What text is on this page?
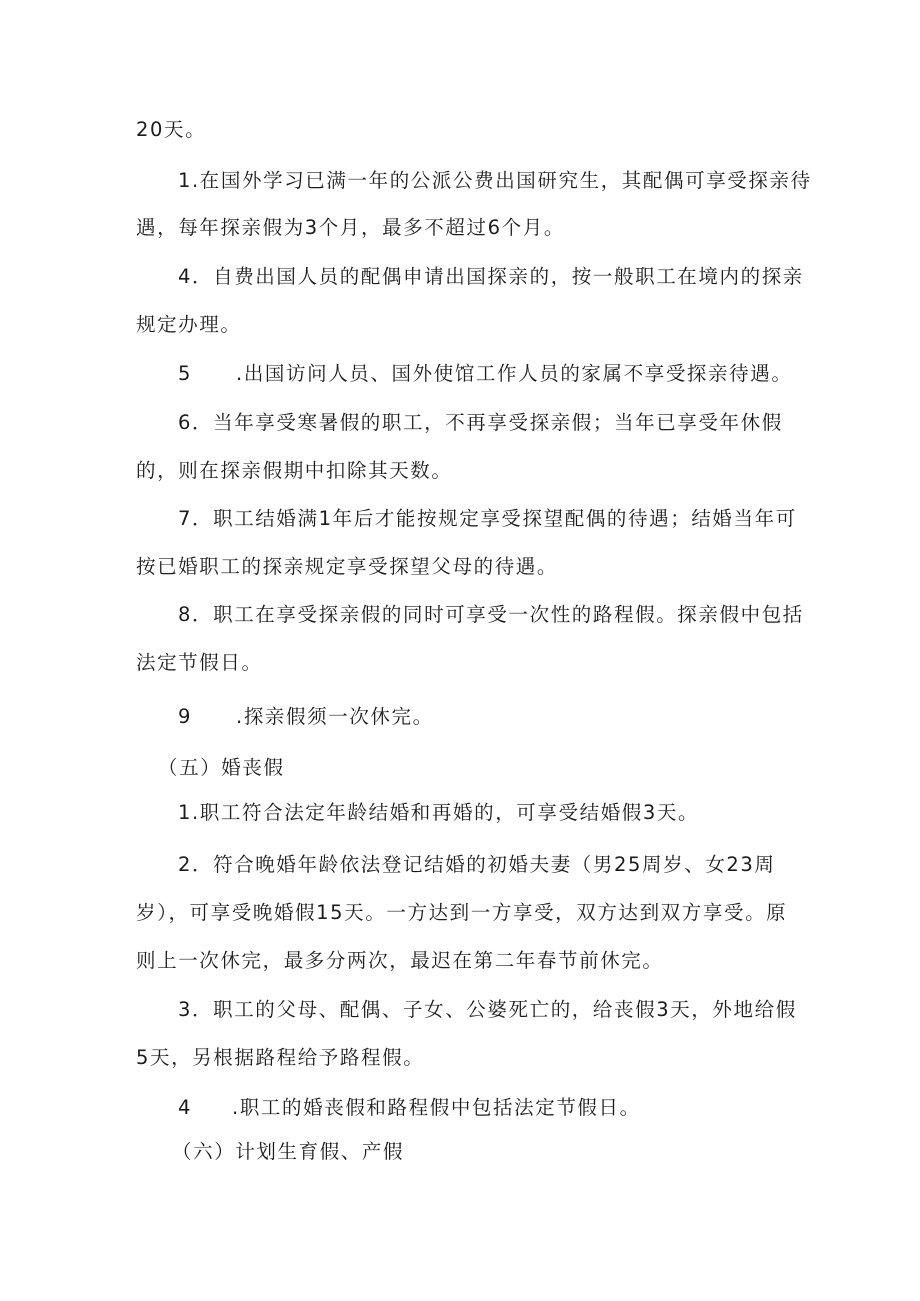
20天。
1.在国外学习已满一年的公派公费出国研究生，其配偶可享受探亲待
遇，每年探亲假为3个月，最多不超过6个月。
4．自费出国人员的配偶申请出国探亲的，按一般职工在境内的探亲
规定办理。
5 .出国访问人员、国外使馆工作人员的家属不享受探亲待遇。
6．当年享受寒暑假的职工，不再享受探亲假；当年已享受年休假
的，则在探亲假期中扣除其天数。
7．职工结婚满1年后才能按规定享受探望配偶的待遇；结婚当年可
按已婚职工的探亲规定享受探望父母的待遇。
8．职工在享受探亲假的同时可享受一次性的路程假。探亲假中包括
法定节假日。
9 .探亲假须一次休完。
（五）婚丧假
1.职工符合法定年龄结婚和再婚的，可享受结婚假3天。
2．符合晚婚年龄依法登记结婚的初婚夫妻（男25周岁、女23周
岁），可享受晚婚假15天。一方达到一方享受，双方达到双方享受。原
则上一次休完，最多分两次，最迟在第二年春节前休完。
3．职工的父母、配偶、子女、公婆死亡的，给丧假3天，外地给假
5天，另根据路程给予路程假。
4 .职工的婚丧假和路程假中包括法定节假日。
（六）计划生育假、产假
